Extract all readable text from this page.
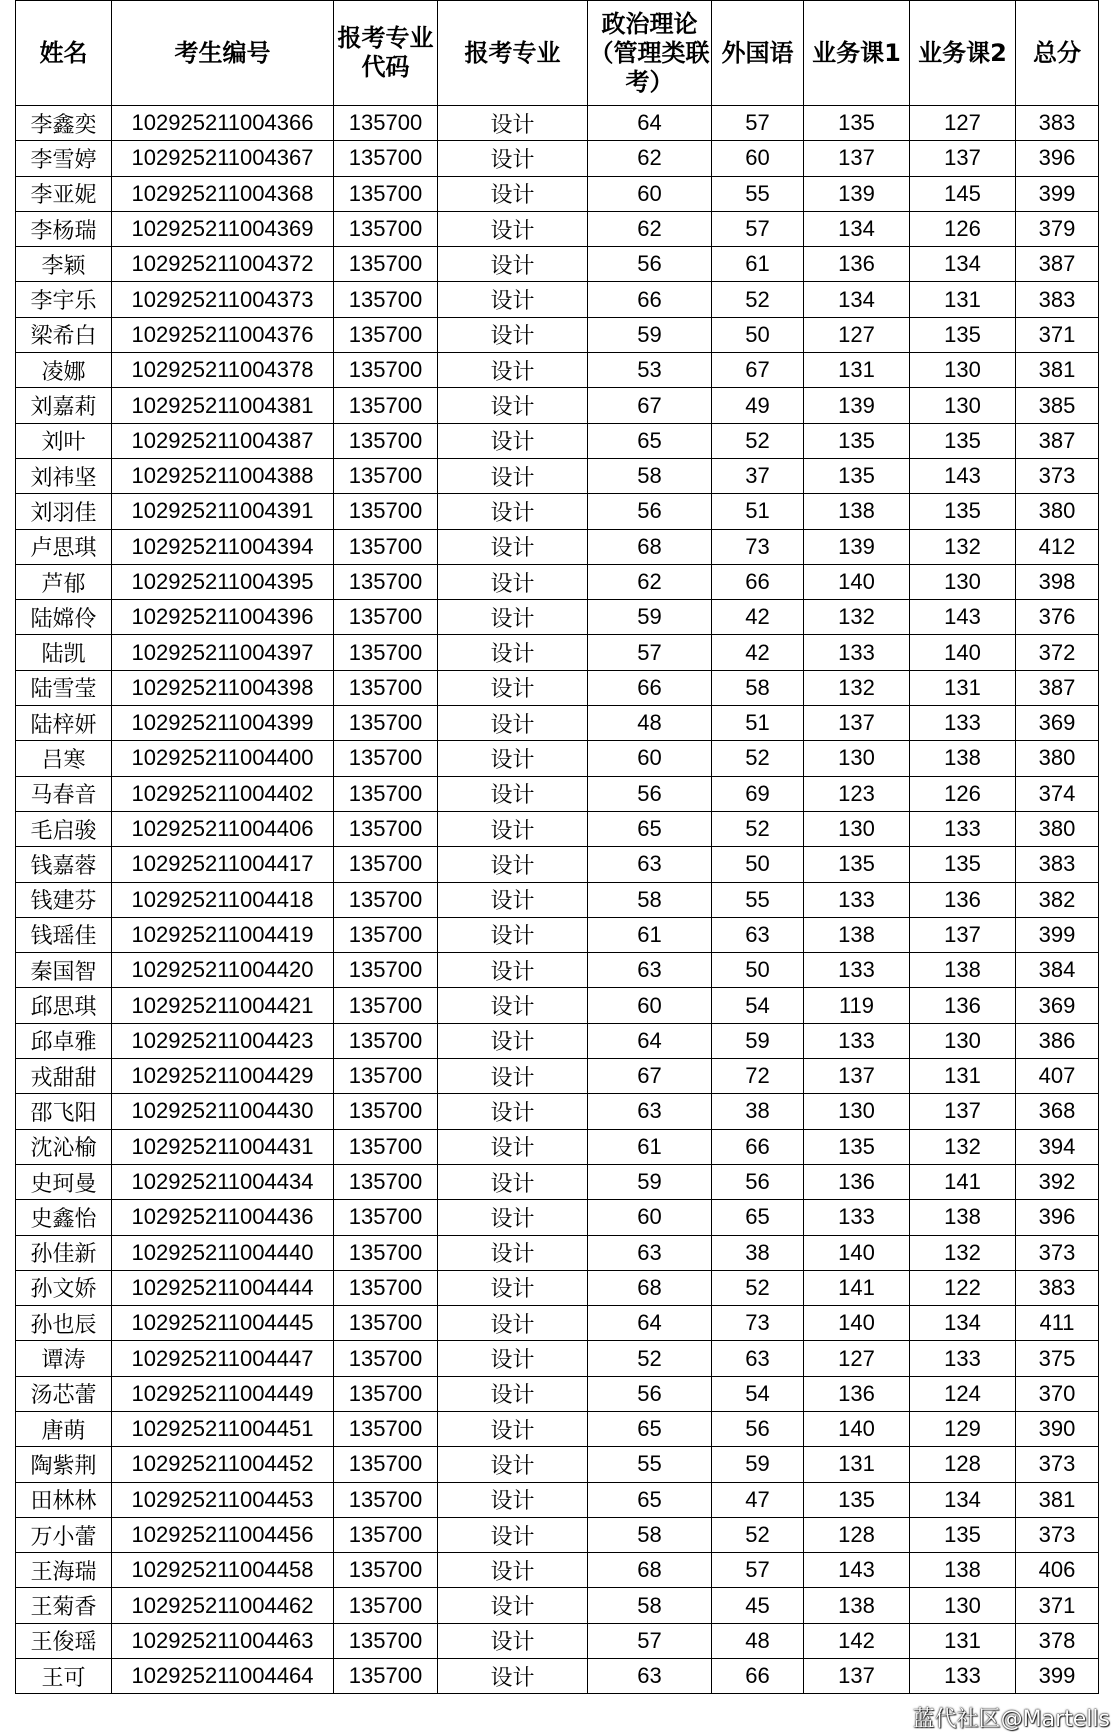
姓名	考生编号	报考专业代码	报考专业	政治理论（管理类联考）	外国语	业务课1	业务课2	总分
李鑫奕	102925211004366	135700	设计	64	57	135	127	383
李雪婷	102925211004367	135700	设计	62	60	137	137	396
李亚妮	102925211004368	135700	设计	60	55	139	145	399
李杨瑞	102925211004369	135700	设计	62	57	134	126	379
李颖	102925211004372	135700	设计	56	61	136	134	387
李宇乐	102925211004373	135700	设计	66	52	134	131	383
梁希白	102925211004376	135700	设计	59	50	127	135	371
凌娜	102925211004378	135700	设计	53	67	131	130	381
刘嘉莉	102925211004381	135700	设计	67	49	139	130	385
刘叶	102925211004387	135700	设计	65	52	135	135	387
刘祎坚	102925211004388	135700	设计	58	37	135	143	373
刘羽佳	102925211004391	135700	设计	56	51	138	135	380
卢思琪	102925211004394	135700	设计	68	73	139	132	412
芦郁	102925211004395	135700	设计	62	66	140	130	398
陆嫦伶	102925211004396	135700	设计	59	42	132	143	376
陆凯	102925211004397	135700	设计	57	42	133	140	372
陆雪莹	102925211004398	135700	设计	66	58	132	131	387
陆梓妍	102925211004399	135700	设计	48	51	137	133	369
吕寒	102925211004400	135700	设计	60	52	130	138	380
马春音	102925211004402	135700	设计	56	69	123	126	374
毛启骏	102925211004406	135700	设计	65	52	130	133	380
钱嘉蓉	102925211004417	135700	设计	63	50	135	135	383
钱建芬	102925211004418	135700	设计	58	55	133	136	382
钱瑶佳	102925211004419	135700	设计	61	63	138	137	399
秦国智	102925211004420	135700	设计	63	50	133	138	384
邱思琪	102925211004421	135700	设计	60	54	119	136	369
邱卓雅	102925211004423	135700	设计	64	59	133	130	386
戎甜甜	102925211004429	135700	设计	67	72	137	131	407
邵飞阳	102925211004430	135700	设计	63	38	130	137	368
沈沁榆	102925211004431	135700	设计	61	66	135	132	394
史珂曼	102925211004434	135700	设计	59	56	136	141	392
史鑫怡	102925211004436	135700	设计	60	65	133	138	396
孙佳新	102925211004440	135700	设计	63	38	140	132	373
孙文娇	102925211004444	135700	设计	68	52	141	122	383
孙也辰	102925211004445	135700	设计	64	73	140	134	411
谭涛	102925211004447	135700	设计	52	63	127	133	375
汤芯蕾	102925211004449	135700	设计	56	54	136	124	370
唐萌	102925211004451	135700	设计	65	56	140	129	390
陶紫荆	102925211004452	135700	设计	55	59	131	128	373
田林林	102925211004453	135700	设计	65	47	135	134	381
万小蕾	102925211004456	135700	设计	58	52	128	135	373
王海瑞	102925211004458	135700	设计	68	57	143	138	406
王菊香	102925211004462	135700	设计	58	45	138	130	371
王俊瑶	102925211004463	135700	设计	57	48	142	131	378
王可	102925211004464	135700	设计	63	66	137	133	399
蓝代社区@Martells
